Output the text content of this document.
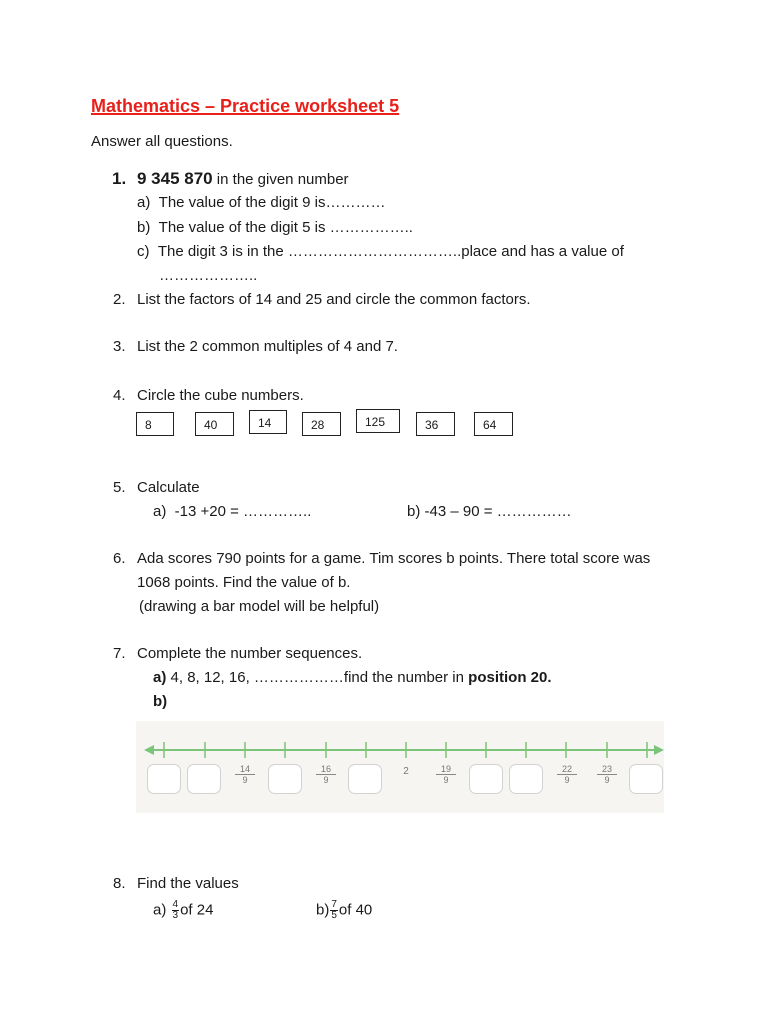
Mathematics – Practice worksheet 5
Answer all questions.
1. 9 345 870 in the given number
a)  The value of the digit 9 is…………
b)  The value of the digit 5 is ……………..
c)  The digit 3 is in the ……………………………..place and has a value of
………………..
2. List the factors of 14 and 25 and circle the common factors.
3. List the 2 common multiples of 4 and 7.
4. Circle the cube numbers.
8	40	14	28	125	36	64
5. Calculate
a)  -13 +20 = …………..	b) -43 – 90 = ……………
6. Ada scores 790 points for a game. Tim scores b points. There total score was
1068 points. Find the value of b.
(drawing a bar model will be helpful)
7. Complete the number sequences.
a) 4, 8, 12, 16, ………………find the number in position 20.
b)
$\frac{14}{9}$	$\frac{16}{9}$	2	$\frac{19}{9}$	$\frac{22}{9} \frac{23}{9}$
8. Find the values
$a) \frac{4}{3}$ of 24	$b) \frac{7}{5}$ of 40
